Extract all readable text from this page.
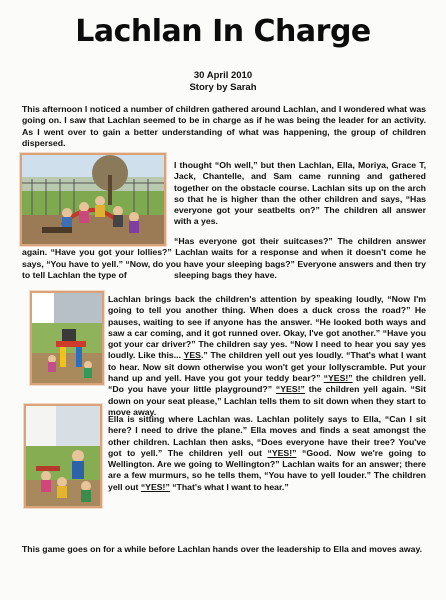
Lachlan In Charge
30 April 2010
Story by Sarah

This afternoon I noticed a number of children gathered around Lachlan, and I wondered what was going on. I saw that Lachlan seemed to be in charge as if he was being the leader for an activity. As I went over to gain a better understanding of what was happening, the group of children dispersed.

I thought “Oh well,” but then Lachlan, Ella, Moriya, Grace T, Jack, Chantelle, and Sam came running and gathered together on the obstacle course. Lachlan sits up on the arch so that he is higher than the other children and says, “Has everyone got your seatbelts on?” The children all answer with a yes.

“Has everyone got their suitcases?” The children answer again. “Have you got your lollies?” Lachlan waits for a response and when it doesn't come he says, “You have to yell.” “Now, do you have your sleeping bags?” Everyone answers and then try to tell Lachlan the type of	sleeping bags they have.

Lachlan brings back the children's attention by speaking loudly, “Now I'm going to tell you another thing. When does a duck cross the road?” He pauses, waiting to see if anyone has the answer. “He looked both ways and saw a car coming, and it got runned over. Okay, I've got another.” “Have you got your car driver?” The children say yes. “Now I need to hear you say yes loudly. Like this... YES.” The children yell out yes loudly. “That's what I want to hear. Now sit down otherwise you won't get your lollyscramble. Put your hand up and yell. Have you got your teddy bear?” “YES!” the children yell. “Do you have your little playground?” “YES!” the children yell again. “Sit down on your seat please,” Lachlan tells them to sit down when they start to move away.

Ella is sitting where Lachlan was. Lachlan politely says to Ella, “Can I sit here? I need to drive the plane.” Ella moves and finds a seat amongst the other children. Lachlan then asks, “Does everyone have their tree? You've got to yell.” The children yell out “YES!” “Good. Now we're going to Wellington. Are we going to Wellington?” Lachlan waits for an answer; there are a few murmurs, so he tells them, “You have to yell louder.” The children yell out “YES!” “That's what I want to hear.”

This game goes on for a while before Lachlan hands over the leadership to Ella and moves away.
